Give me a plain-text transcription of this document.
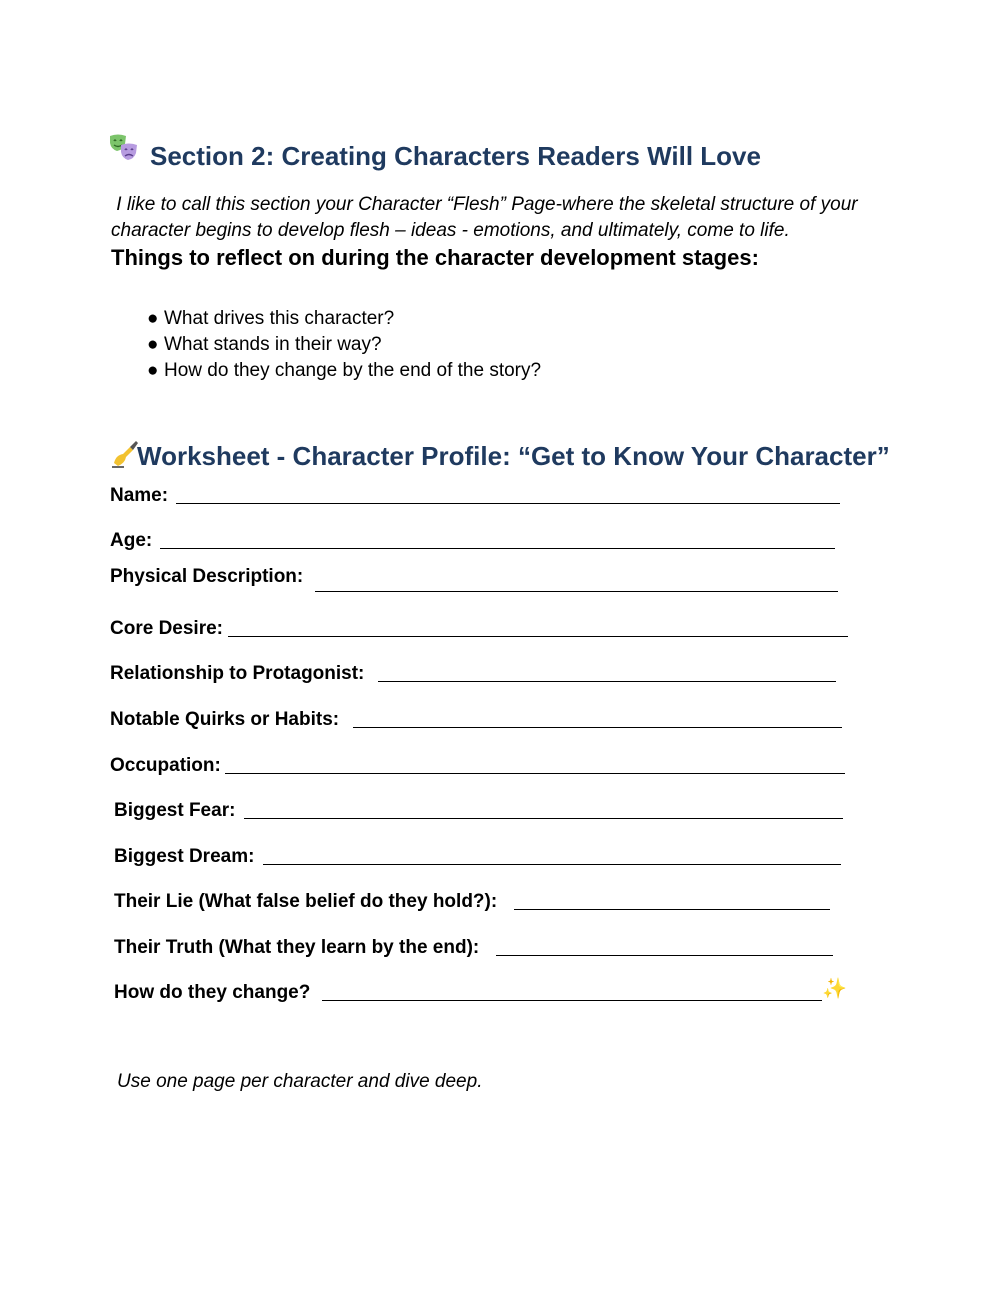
Section 2: Creating Characters Readers Will Love
I like to call this section your Character “Flesh” Page-where the skeletal structure of your
character begins to develop flesh – ideas - emotions, and ultimately, come to life.
Things to reflect on during the character development stages:
● What drives this character?
● What stands in their way?
● How do they change by the end of the story?
Worksheet - Character Profile: “Get to Know Your Character”
Name:
Age:
Physical Description:
Core Desire:
Relationship to Protagonist:
Notable Quirks or Habits:
Occupation:
Biggest Fear:
Biggest Dream:
Their Lie (What false belief do they hold?):
Their Truth (What they learn by the end):
How do they change?	✨
Use one page per character and dive deep.
